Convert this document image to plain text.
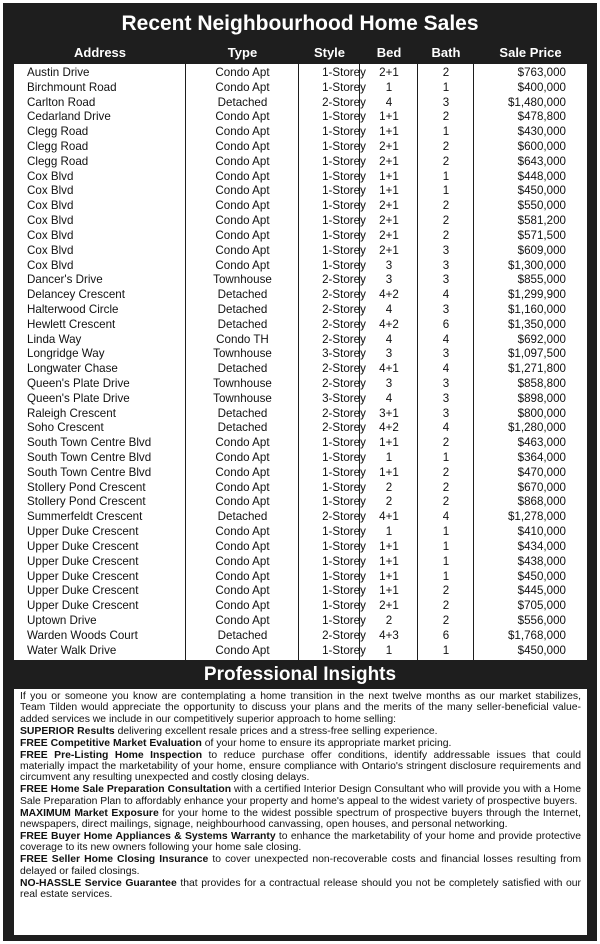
Recent Neighbourhood Home Sales
Address	Type	Style	Bed	Bath	Sale Price
Austin Drive	Condo Apt	1-Storey	2+1	2	$763,000
Birchmount Road	Condo Apt	1-Storey	1	1	$400,000
Carlton Road	Detached	2-Storey	4	3	$1,480,000
Cedarland Drive	Condo Apt	1-Storey	1+1	2	$478,800
Clegg Road	Condo Apt	1-Storey	1+1	1	$430,000
Clegg Road	Condo Apt	1-Storey	2+1	2	$600,000
Clegg Road	Condo Apt	1-Storey	2+1	2	$643,000
Cox Blvd	Condo Apt	1-Storey	1+1	1	$448,000
Cox Blvd	Condo Apt	1-Storey	1+1	1	$450,000
Cox Blvd	Condo Apt	1-Storey	2+1	2	$550,000
Cox Blvd	Condo Apt	1-Storey	2+1	2	$581,200
Cox Blvd	Condo Apt	1-Storey	2+1	2	$571,500
Cox Blvd	Condo Apt	1-Storey	2+1	3	$609,000
Cox Blvd	Condo Apt	1-Storey	3	3	$1,300,000
Dancer's Drive	Townhouse	2-Storey	3	3	$855,000
Delancey Crescent	Detached	2-Storey	4+2	4	$1,299,900
Halterwood Circle	Detached	2-Storey	4	3	$1,160,000
Hewlett Crescent	Detached	2-Storey	4+2	6	$1,350,000
Linda Way	Condo TH	2-Storey	4	4	$692,000
Longridge Way	Townhouse	3-Storey	3	3	$1,097,500
Longwater Chase	Detached	2-Storey	4+1	4	$1,271,800
Queen's Plate Drive	Townhouse	2-Storey	3	3	$858,800
Queen's Plate Drive	Townhouse	3-Storey	4	3	$898,000
Raleigh Crescent	Detached	2-Storey	3+1	3	$800,000
Soho Crescent	Detached	2-Storey	4+2	4	$1,280,000
South Town Centre Blvd	Condo Apt	1-Storey	1+1	2	$463,000
South Town Centre Blvd	Condo Apt	1-Storey	1	1	$364,000
South Town Centre Blvd	Condo Apt	1-Storey	1+1	2	$470,000
Stollery Pond Crescent	Condo Apt	1-Storey	2	2	$670,000
Stollery Pond Crescent	Condo Apt	1-Storey	2	2	$868,000
Summerfeldt Crescent	Detached	2-Storey	4+1	4	$1,278,000
Upper Duke Crescent	Condo Apt	1-Storey	1	1	$410,000
Upper Duke Crescent	Condo Apt	1-Storey	1+1	1	$434,000
Upper Duke Crescent	Condo Apt	1-Storey	1+1	1	$438,000
Upper Duke Crescent	Condo Apt	1-Storey	1+1	1	$450,000
Upper Duke Crescent	Condo Apt	1-Storey	1+1	2	$445,000
Upper Duke Crescent	Condo Apt	1-Storey	2+1	2	$705,000
Uptown Drive	Condo Apt	1-Storey	2	2	$556,000
Warden Woods Court	Detached	2-Storey	4+3	6	$1,768,000
Water Walk Drive	Condo Apt	1-Storey	1	1	$450,000
Professional Insights

If you or someone you know are contemplating a home transition in the next twelve months as our market stabilizes, Team Tilden would appreciate the opportunity to discuss your plans and the merits of the many seller-beneficial value-added services we include in our competitively superior approach to home selling:

SUPERIOR Results delivering excellent resale prices and a stress-free selling experience.

FREE Competitive Market Evaluation of your home to ensure its appropriate market pricing.

FREE Pre-Listing Home Inspection to reduce purchase offer conditions, identify addressable issues that could materially impact the marketability of your home, ensure compliance with Ontario's stringent disclosure requirements and circumvent any resulting unexpected and costly closing delays.

FREE Home Sale Preparation Consultation with a certified Interior Design Consultant who will provide you with a Home Sale Preparation Plan to affordably enhance your property and home's appeal to the widest variety of prospective buyers.

MAXIMUM Market Exposure for your home to the widest possible spectrum of prospective buyers through the Internet, newspapers, direct mailings, signage, neighbourhood canvassing, open houses, and personal networking.

FREE Buyer Home Appliances & Systems Warranty to enhance the marketability of your home and provide protective coverage to its new owners following your home sale closing.

FREE Seller Home Closing Insurance to cover unexpected non-recoverable costs and financial losses resulting from delayed or failed closings.

NO-HASSLE Service Guarantee that provides for a contractual release should you not be completely satisfied with our real estate services.
